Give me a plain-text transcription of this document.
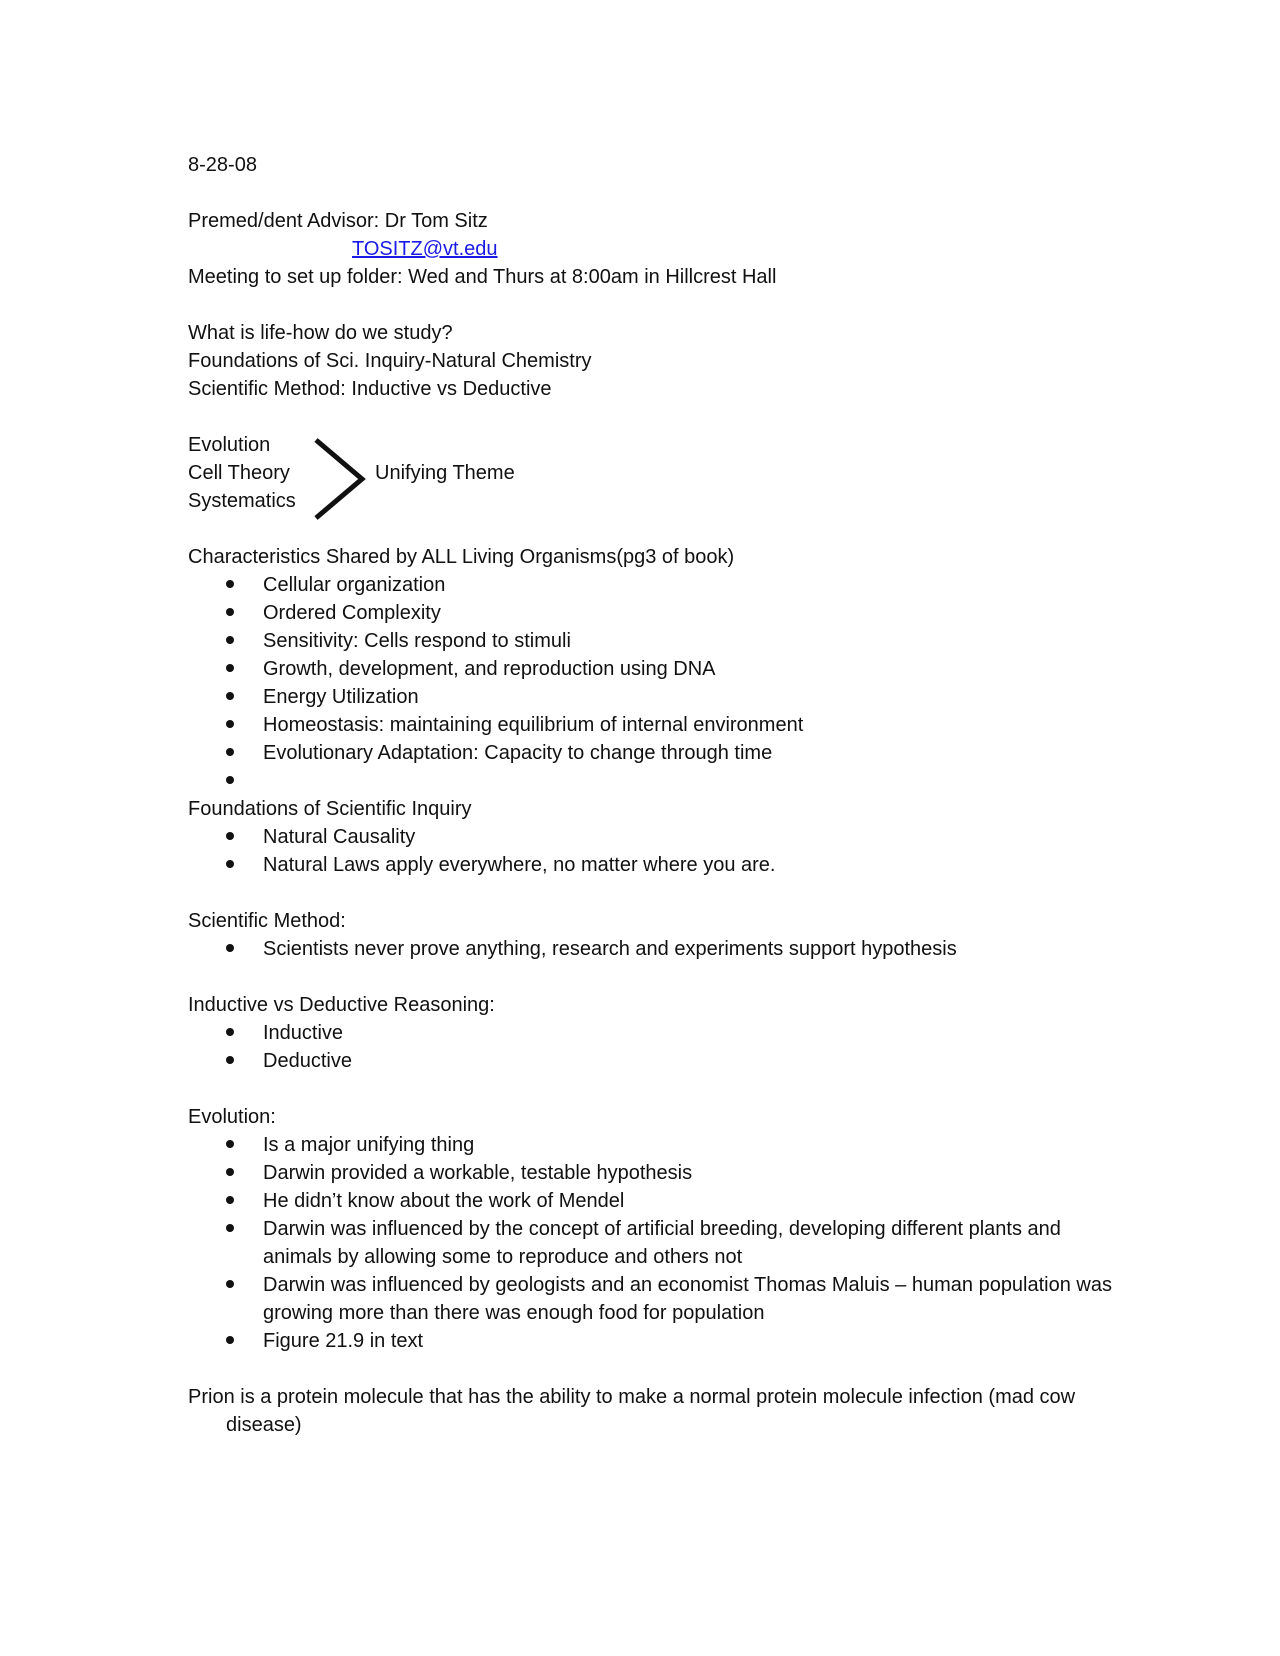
8-28-08
Premed/dent Advisor: Dr Tom Sitz
TOSITZ@vt.edu
Meeting to set up folder: Wed and Thurs at 8:00am in Hillcrest Hall
What is life-how do we study?
Foundations of Sci. Inquiry-Natural Chemistry
Scientific Method: Inductive vs Deductive
Evolution
Cell Theory
Systematics
Unifying Theme
Characteristics Shared by ALL Living Organisms(pg3 of book)
Cellular organization
Ordered Complexity
Sensitivity: Cells respond to stimuli
Growth, development, and reproduction using DNA
Energy Utilization
Homeostasis: maintaining equilibrium of internal environment
Evolutionary Adaptation: Capacity to change through time
Foundations of Scientific Inquiry
Natural Causality
Natural Laws apply everywhere, no matter where you are.
Scientific Method:
Scientists never prove anything, research and experiments support hypothesis
Inductive vs Deductive Reasoning:
Inductive
Deductive
Evolution:
Is a major unifying thing
Darwin provided a workable, testable hypothesis
He didn’t know about the work of Mendel
Darwin was influenced by the concept of artificial breeding, developing different plants and animals by allowing some to reproduce and others not
Darwin was influenced by geologists and an economist Thomas Maluis – human population was growing more than there was enough food for population
Figure 21.9 in text
Prion is a protein molecule that has the ability to make a normal protein molecule infection (mad cow disease)
